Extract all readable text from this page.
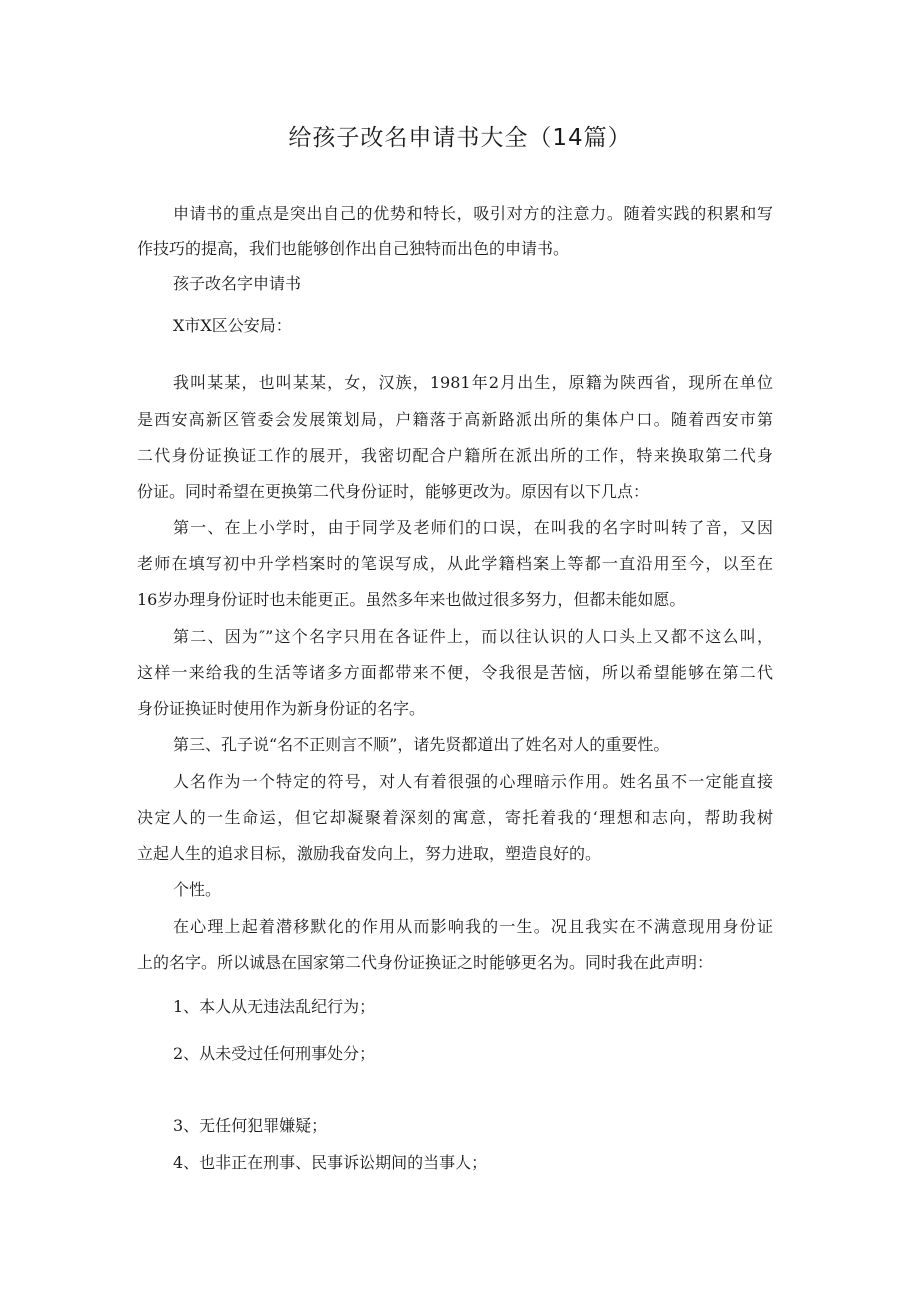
给孩子改名申请书大全（14篇）

申请书的重点是突出自己的优势和特长，吸引对方的注意力。随着实践的积累和写

作技巧的提高，我们也能够创作出自己独特而出色的申请书。

孩子改名字申请书

X市X区公安局：

我叫某某，也叫某某，女，汉族，1981年2月出生，原籍为陕西省，现所在单位

是西安高新区管委会发展策划局，户籍落于高新路派出所的集体户口。随着西安市第

二代身份证换证工作的展开，我密切配合户籍所在派出所的工作，特来换取第二代身

份证。同时希望在更换第二代身份证时，能够更改为。原因有以下几点：

第一、在上小学时，由于同学及老师们的口误，在叫我的名字时叫转了音，又因

老师在填写初中升学档案时的笔误写成，从此学籍档案上等都一直沿用至今，以至在

16岁办理身份证时也未能更正。虽然多年来也做过很多努力，但都未能如愿。

第二、因为″”这个名字只用在各证件上，而以往认识的人口头上又都不这么叫，

这样一来给我的生活等诸多方面都带来不便，令我很是苦恼，所以希望能够在第二代

身份证换证时使用作为新身份证的名字。

第三、孔子说“名不正则言不顺”，诸先贤都道出了姓名对人的重要性。

人名作为一个特定的符号，对人有着很强的心理暗示作用。姓名虽不一定能直接

决定人的一生命运，但它却凝聚着深刻的寓意，寄托着我的‘理想和志向，帮助我树

立起人生的追求目标，激励我奋发向上，努力进取，塑造良好的。

个性。

在心理上起着潜移默化的作用从而影响我的一生。况且我实在不满意现用身份证

上的名字。所以诚恳在国家第二代身份证换证之时能够更名为。同时我在此声明：

1、本人从无违法乱纪行为；

2、从未受过任何刑事处分；

3、无任何犯罪嫌疑；

4、也非正在刑事、民事诉讼期间的当事人；
